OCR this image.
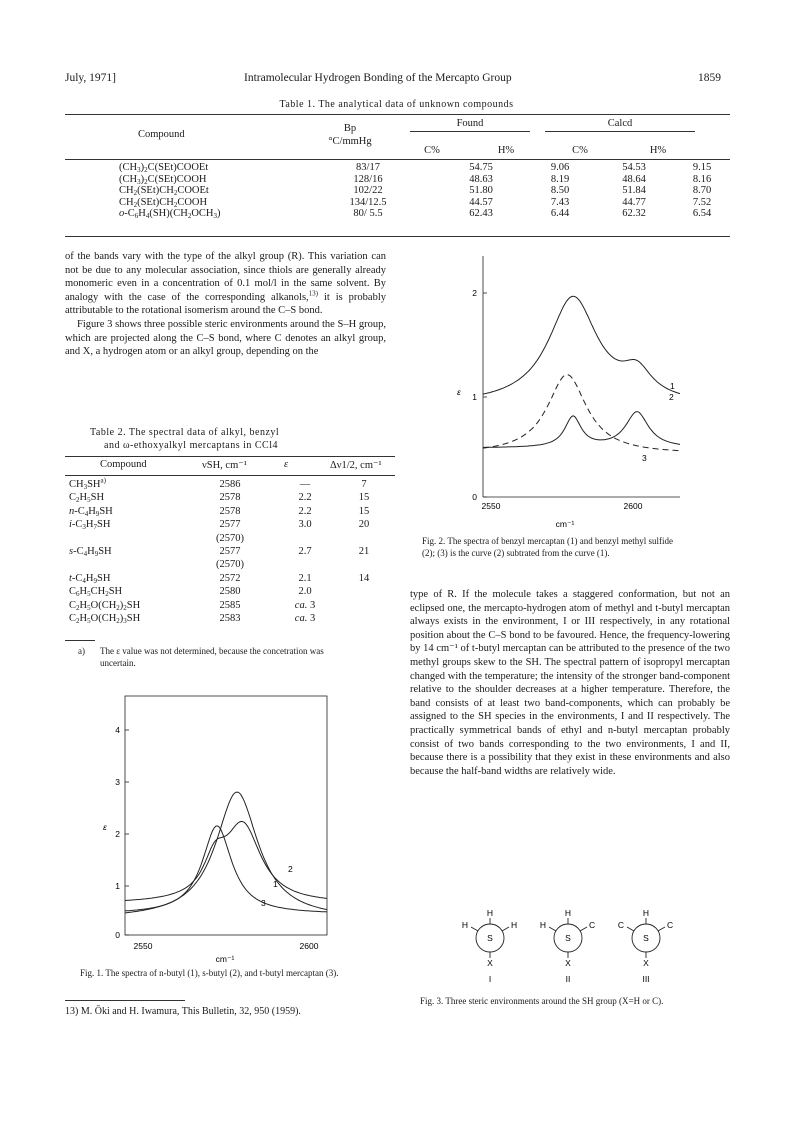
July, 1971]	Intramolecular Hydrogen Bonding of the Mercapto Group	1859
Table 1. The analytical data of unknown compounds
Compound
Bp
°C/mmHg
Found	Calcd
C%	H%	C%	H%
$(CH_3)_2C(SEt)COOEt$	83/17	54.75	9.06	54.53	9.15
$(CH_3)_2C(SEt)COOH$	128/16	48.63	8.19	48.64	8.16
$CH_2(SEt)CH_2COOEt$	102/22	51.80	8.50	51.84	8.70
$CH_2(SEt)CH_2COOH$	134/12.5	44.57	7.43	44.77	7.52
$o-C_6H_4(SH)(CH_2OCH_3)$	80/ 5.5	62.43	6.44	62.32	6.54

of the bands vary with the type of the alkyl group (R). This variation can not be due to any molecular association, since thiols are generally already monomeric even in a concentration of 0.1 mol/l in the same solvent. By analogy with the case of the corresponding alkanols,$^{13)}$ it is probably attributable to the rotational isomerism around the C–S bond.

Figure 3 shows three possible steric environments around the S–H group, which are projected along the C–S bond, where C denotes an alkyl group, and X, a hydrogen atom or an alkyl group, depending on the

Table 2. The spectral data of alkyl, benzyl
and ω-ethoxyalkyl mercaptans in CCl4
Compound	νSH, cm⁻¹	ε	Δν1/2, cm⁻¹
$CH_3SH^{a)}$	2586	—	7
$C_2H_5SH$	2578	2.2	15
$n-C_4H_9SH$	2578	2.2	15
$i-C_3H_7SH$	2577	3.0	20
	(2570)		
$s-C_4H_9SH$	2577	2.7	21
	(2570)		
$t-C_4H_9SH$	2572	2.1	14
$C_6H_5CH_2SH$	2580	2.0	
$C_2H_5O(CH_2)_2SH$	2585	ca. 3	
$C_2H_5O(CH_2)_3SH$	2583	ca. 3	
a) The ε value was not determined, because the concetration was uncertain.
0
1
2
3
4
2550	2600
ε
cm⁻¹
1
2
3
Fig. 1. The spectra of n-butyl (1), s-butyl (2), and t-butyl mercaptan (3).
13) M. Ōki and H. Iwamura, This Bulletin, 32, 950 (1959).
0
1
2
2550	2600
ε
cm⁻¹
1
2
3
Fig. 2. The spectra of benzyl mercaptan (1) and benzyl methyl sulfide (2); (3) is the curve (2) subtrated from the curve (1).
type of R. If the molecule takes a staggered conformation, but not an eclipsed one, the mercapto-hydrogen atom of methyl and t-butyl mercaptan always exists in the environment, I or III respectively, in any rotational position about the C–S bond to be favoured. Hence, the frequency-lowering by 14 cm⁻¹ of t-butyl mercaptan can be attributed to the presence of the two methyl groups skew to the SH. The spectral pattern of isopropyl mercaptan changed with the temperature; the intensity of the stronger band-component relative to the shoulder decreases at a higher temperature. Therefore, the band consists of at least two band-components, which can probably be assigned to the SH species in the environments, I and II respectively. The practically symmetrical bands of ethyl and n-butyl mercaptan probably consist of two bands corresponding to the two environments, I and II, because there is a possibility that they exist in these environments and also because the half-band widths are relatively wide.
H
H	H
S
X
I
H
H	C
S
X
II
H
C	C
S
X
III
Fig. 3. Three steric environments around the SH group (X=H or C).
